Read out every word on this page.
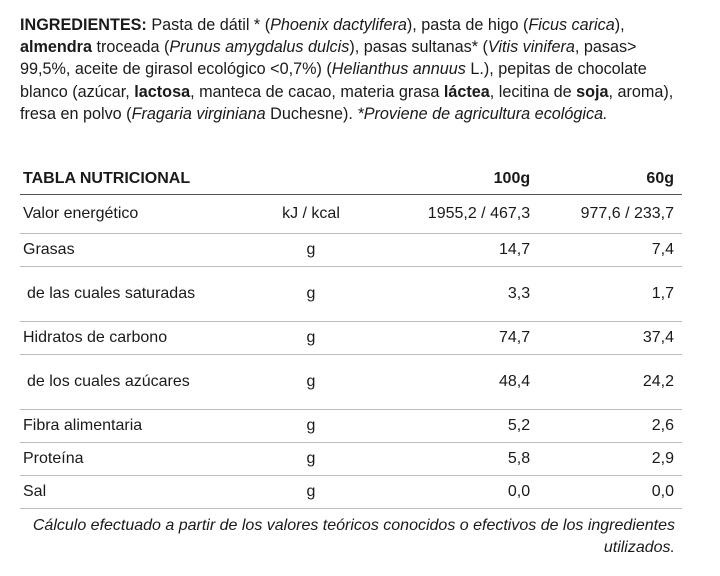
INGREDIENTES: Pasta de dátil * (Phoenix dactylifera), pasta de higo (Ficus carica), almendra troceada (Prunus amygdalus dulcis), pasas sultanas* (Vitis vinifera, pasas> 99,5%, aceite de girasol ecológico <0,7%) (Helianthus annuus L.), pepitas de chocolate blanco (azúcar, lactosa, manteca de cacao, materia grasa láctea, lecitina de soja, aroma), fresa en polvo (Fragaria virginiana Duchesne). *Proviene de agricultura ecológica.
TABLA NUTRICIONAL		100g	60g
Valor energético	kJ / kcal	1955,2 / 467,3	977,6 / 233,7
Grasas	g	14,7	7,4
de las cuales saturadas	g	3,3	1,7
Hidratos de carbono	g	74,7	37,4
de los cuales azúcares	g	48,4	24,2
Fibra alimentaria	g	5,2	2,6
Proteína	g	5,8	2,9
Sal	g	0,0	0,0
Cálculo efectuado a partir de los valores teóricos conocidos o efectivos de los ingredientes utilizados.
